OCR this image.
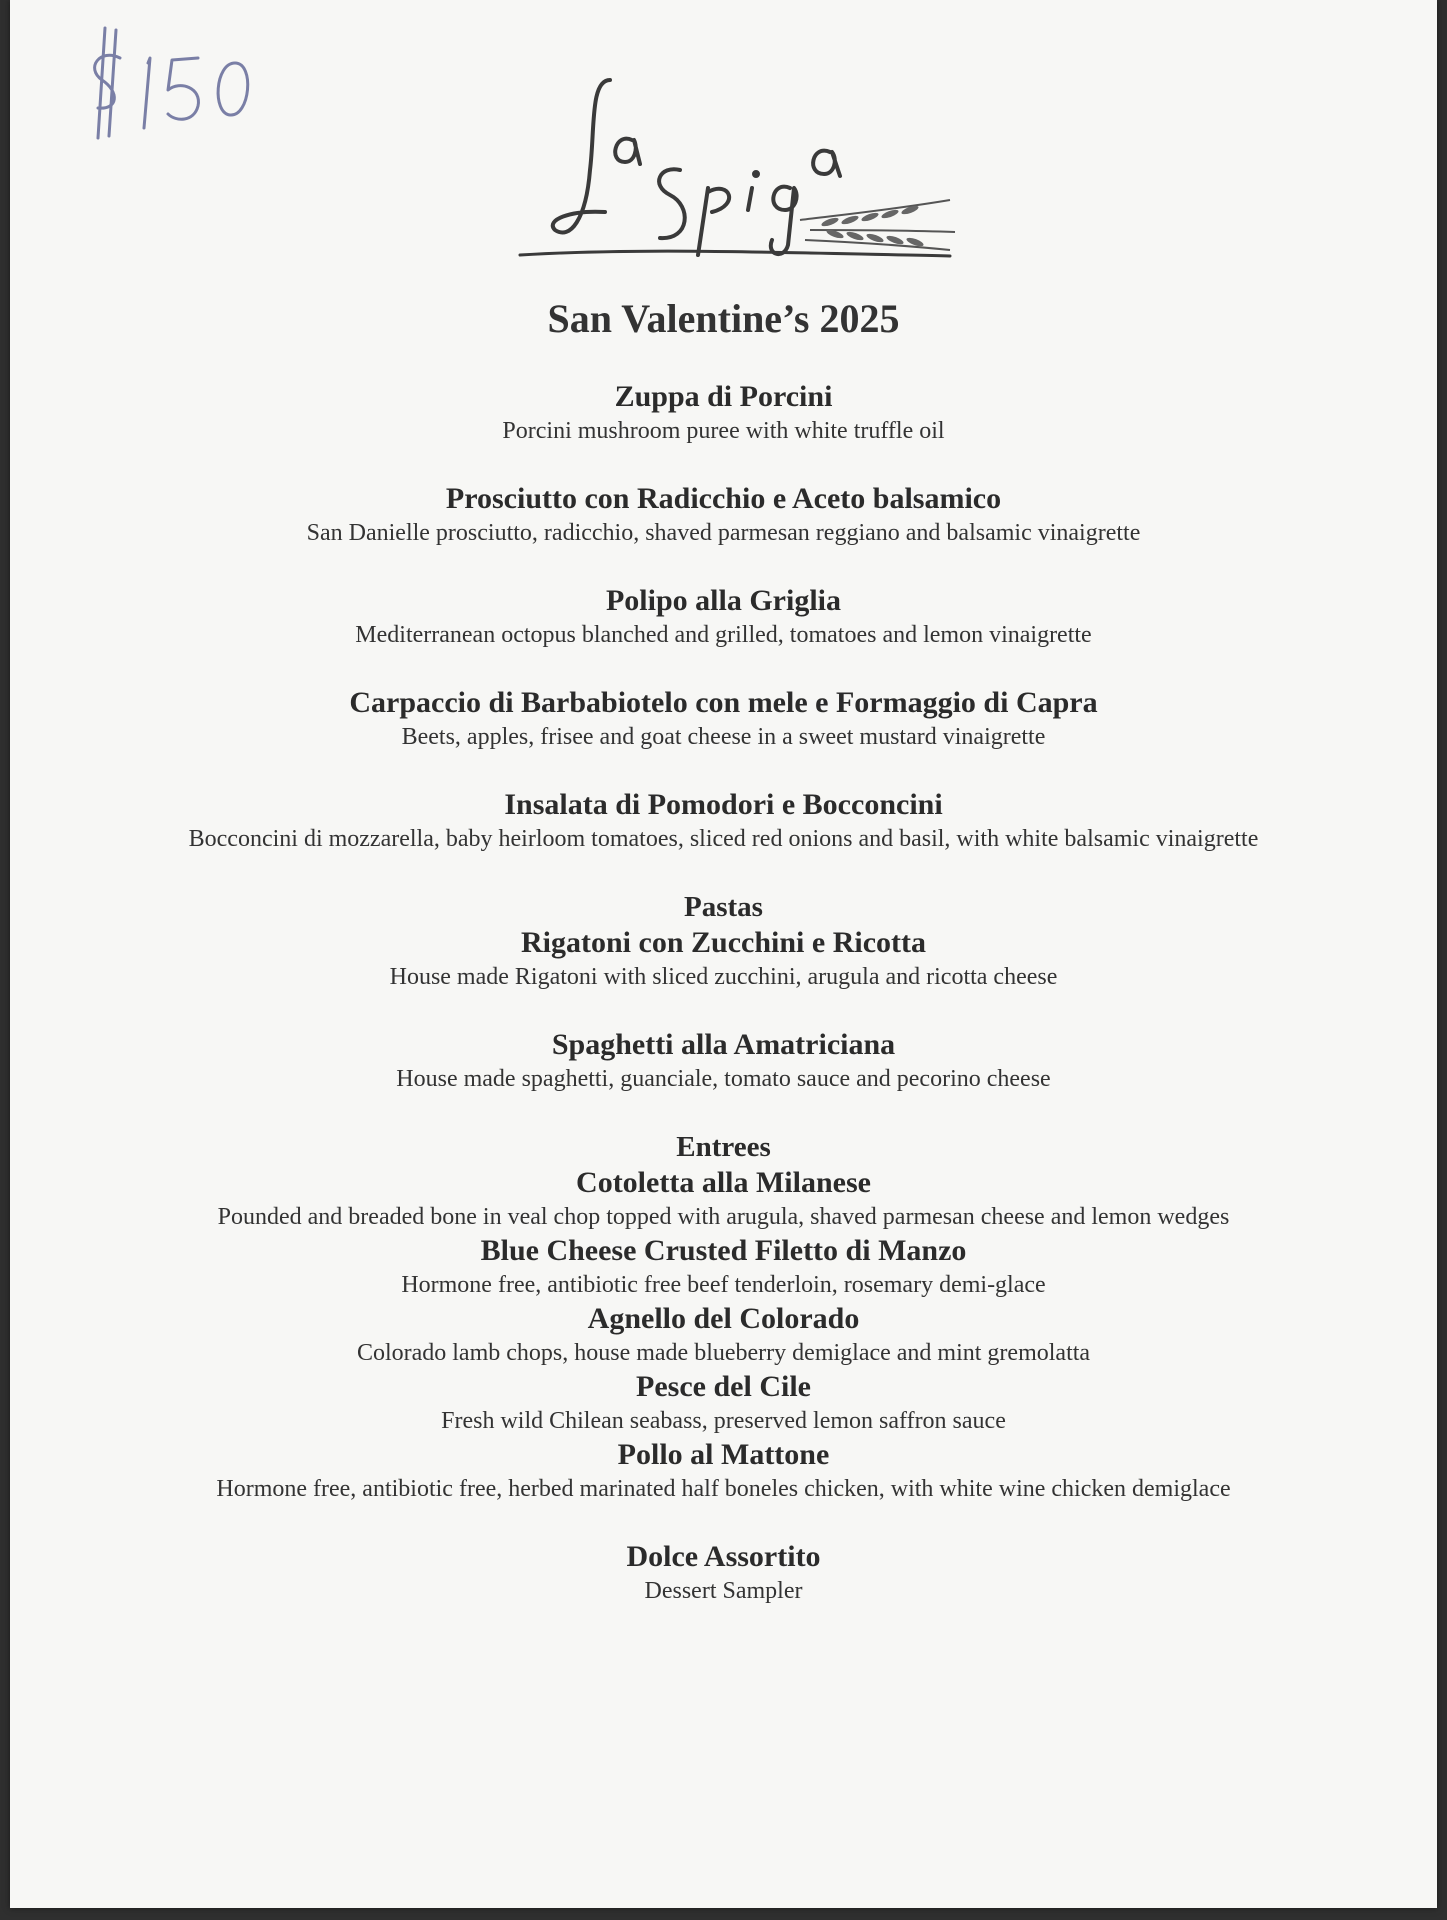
San Valentine’s 2025
Zuppa di Porcini
Porcini mushroom puree with white truffle oil
Prosciutto con Radicchio e Aceto balsamico
San Danielle prosciutto, radicchio, shaved parmesan reggiano and balsamic vinaigrette
Polipo alla Griglia
Mediterranean octopus blanched and grilled, tomatoes and lemon vinaigrette
Carpaccio di Barbabiotelo con mele e Formaggio di Capra
Beets, apples, frisee and goat cheese in a sweet mustard vinaigrette
Insalata di Pomodori e Bocconcini
Bocconcini di mozzarella, baby heirloom tomatoes, sliced red onions and basil, with white balsamic vinaigrette
Pastas
Rigatoni con Zucchini e Ricotta
House made Rigatoni with sliced zucchini, arugula and ricotta cheese
Spaghetti alla Amatriciana
House made spaghetti, guanciale, tomato sauce and pecorino cheese
Entrees
Cotoletta alla Milanese
Pounded and breaded bone in veal chop topped with arugula, shaved parmesan cheese and lemon wedges
Blue Cheese Crusted Filetto di Manzo
Hormone free, antibiotic free beef tenderloin, rosemary demi-glace
Agnello del Colorado
Colorado lamb chops, house made blueberry demiglace and mint gremolatta
Pesce del Cile
Fresh wild Chilean seabass, preserved lemon saffron sauce
Pollo al Mattone
Hormone free, antibiotic free, herbed marinated half boneles chicken, with white wine chicken demiglace
Dolce Assortito
Dessert Sampler
